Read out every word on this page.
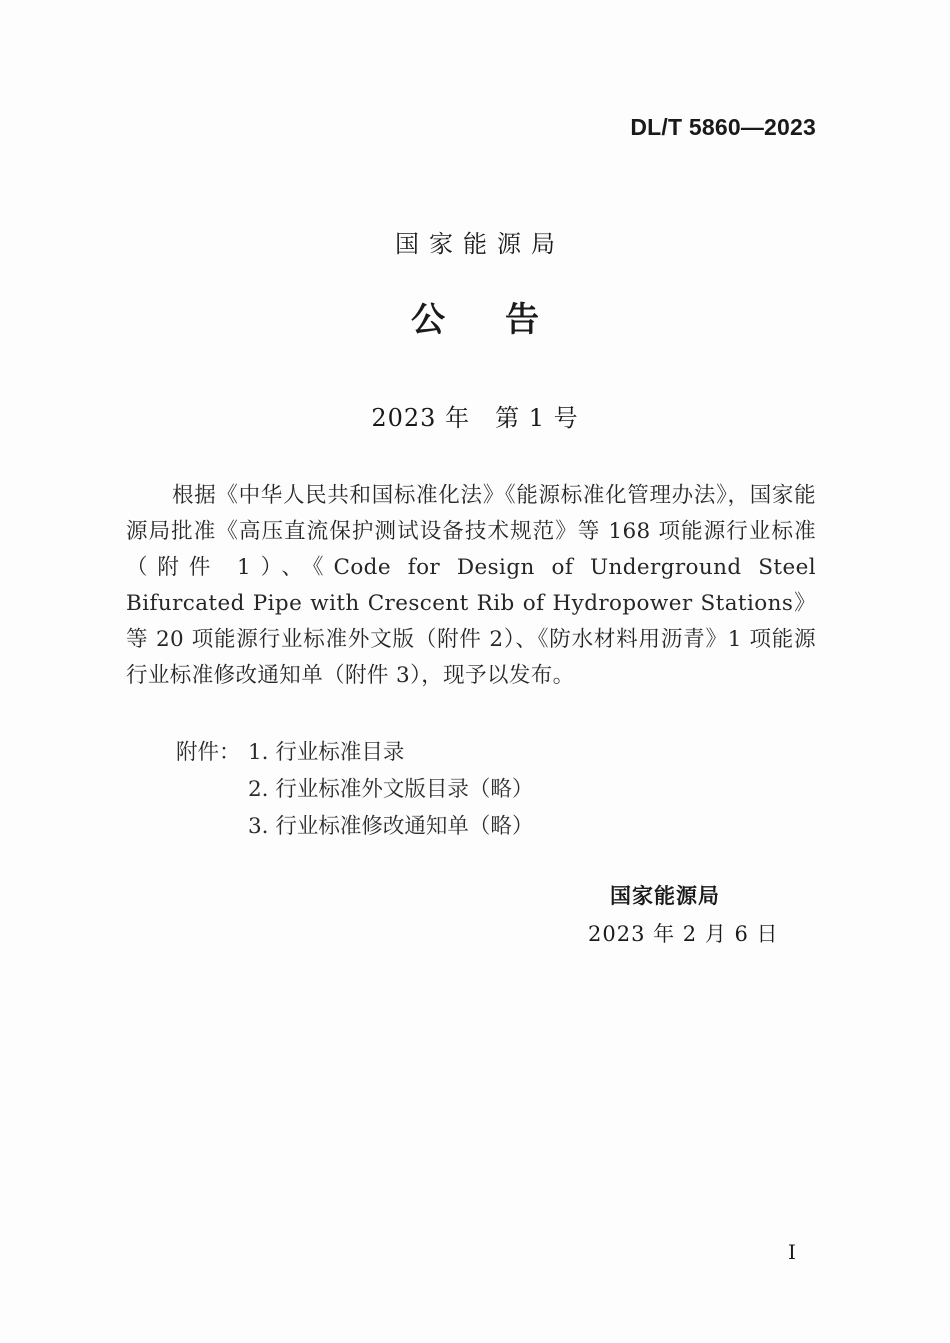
DL/T 5860—2023
国家能源局
公告
2023 年　第 1 号
根据《中华人民共和国标准化法》《能源标准化管理办法》，国家能源局批准《高压直流保护测试设备技术规范》等 168 项能源行业标准（附件 1）、《Code for Design of Underground Steel Bifurcated Pipe with Crescent Rib of Hydropower Stations》等 20 项能源行业标准外文版（附件 2）、《防水材料用沥青》1 项能源行业标准修改通知单（附件 3），现予以发布。
附件： 1. 行业标准目录
2. 行业标准外文版目录（略）
3. 行业标准修改通知单（略）
国家能源局
2023 年 2 月 6 日
I
